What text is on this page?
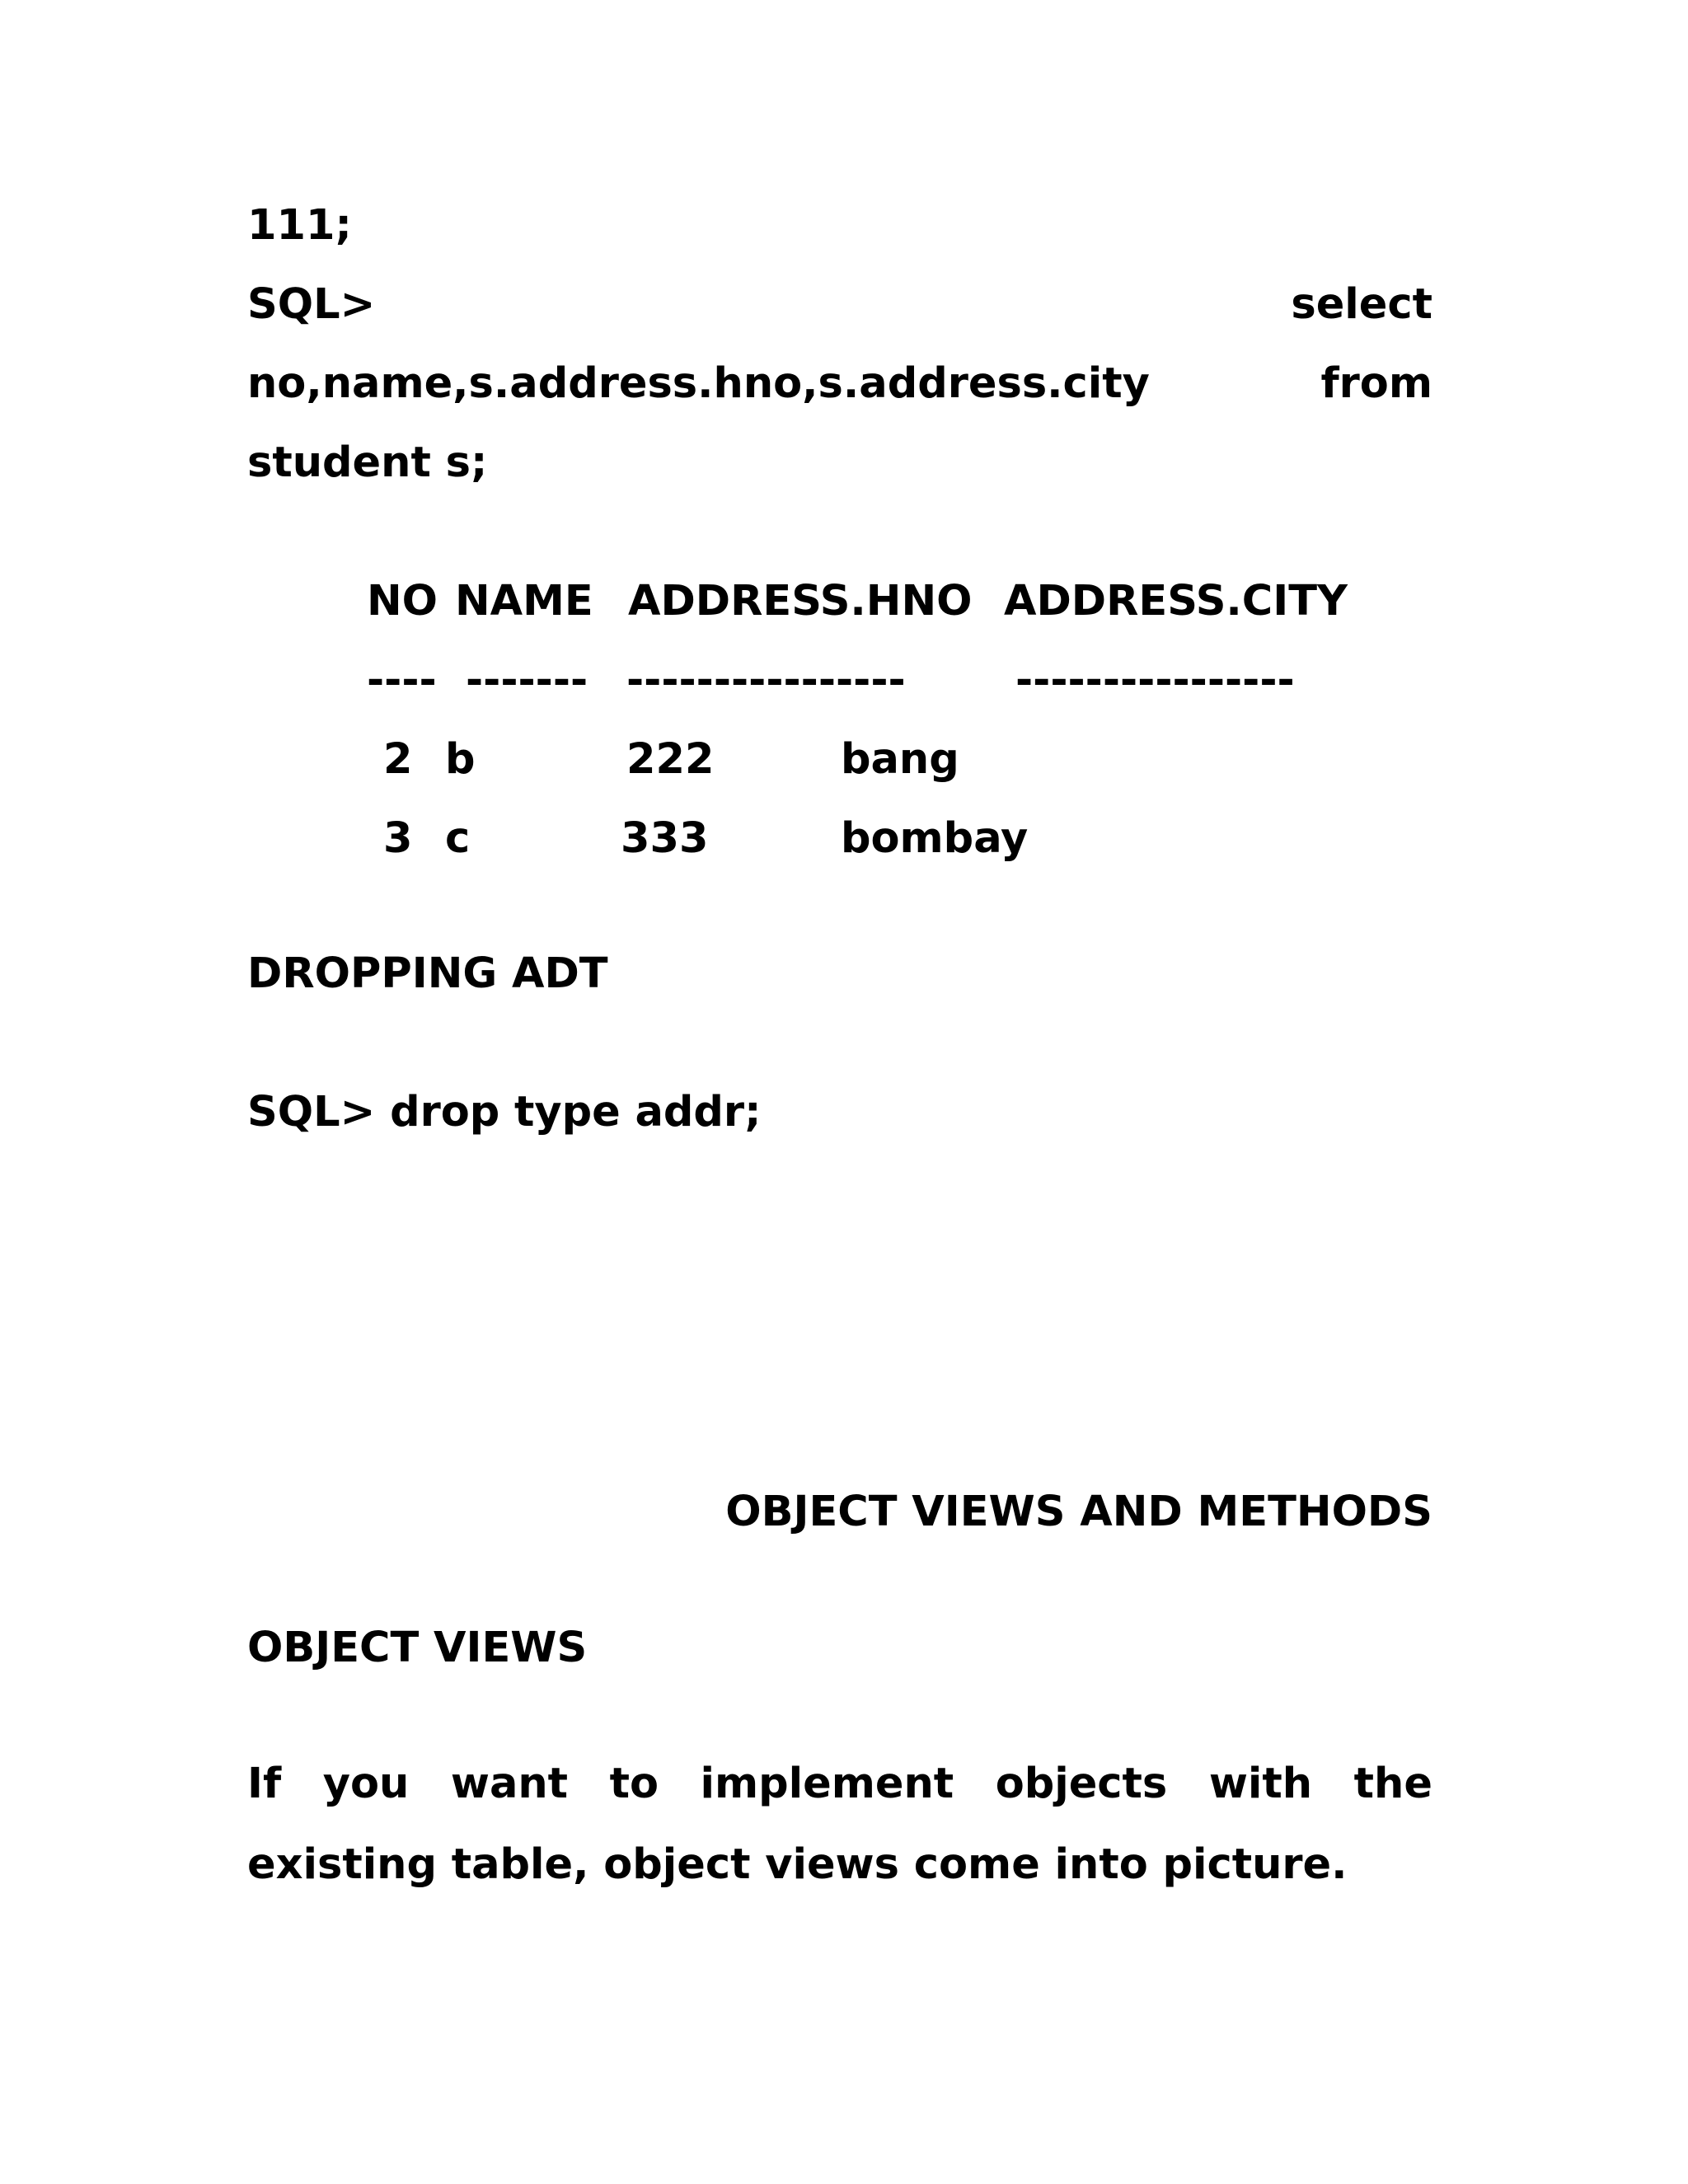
111;

SQL>	select
no,name,s.address.hno,s.address.city	from

student s;

NO NAME ADDRESS.HNO ADDRESS.CITY
---- ------- ----------------	----------------
2 b	222	bang
3 c	333	bombay

DROPPING ADT

SQL> drop type addr;

OBJECT VIEWS AND METHODS

OBJECT VIEWS

If you want to implement objects with the

existing table, object views come into picture.
